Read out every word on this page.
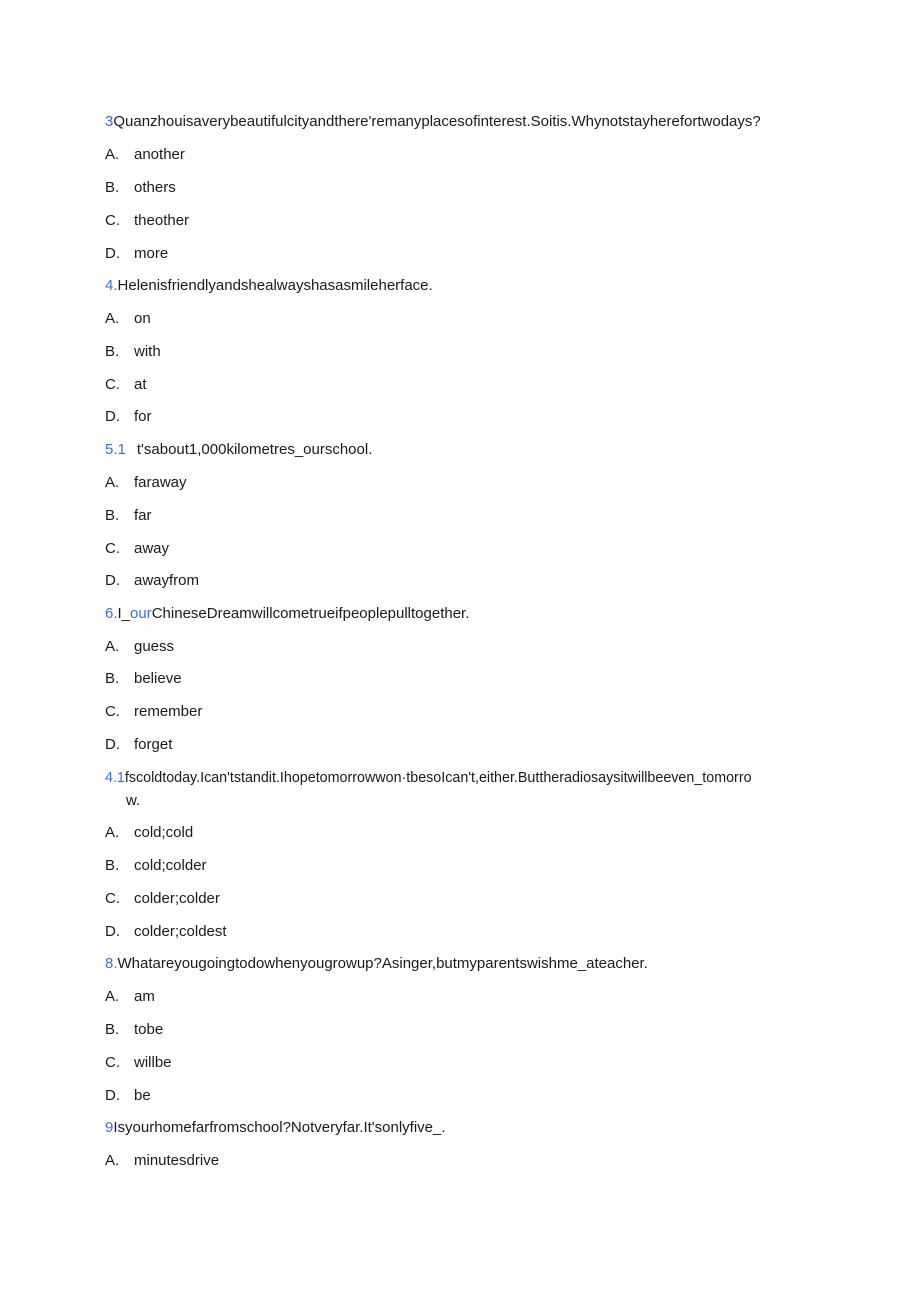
3Quanzhouisaverybeautifulcityandthere'remanyplacesofinterest.Soitis.Whynotstayherefortwodays?
A. another
B. others
C. theother
D. more
4.Helenisfriendlyandshealwayshasasmileherface.
A. on
B. with
C. at
D. for
5.1 t'sabout1,000kilometres_ourschool.
A. faraway
B. far
C. away
D. awayfrom
6.I_ourChineseDreamwillcometrueifpeoplepulltogether.
A. guess
B. believe
C. remember
D. forget
4.1fscoldtoday.Ican'tstandit.Ihopetomorrowwon·tbesoIcan't,either.Buttheradiosaysitwillbeeven_tomorro
w.
A. cold;cold
B. cold;colder
C. colder;colder
D. colder;coldest
8.Whatareyougoingtodowhenyougrowup?Asinger,butmyparentswishme_ateacher.
A. am
B. tobe
C. willbe
D. be
9Isyourhomefarfromschool?Notveryfar.It'sonlyfive_.
A. minutesdrive
